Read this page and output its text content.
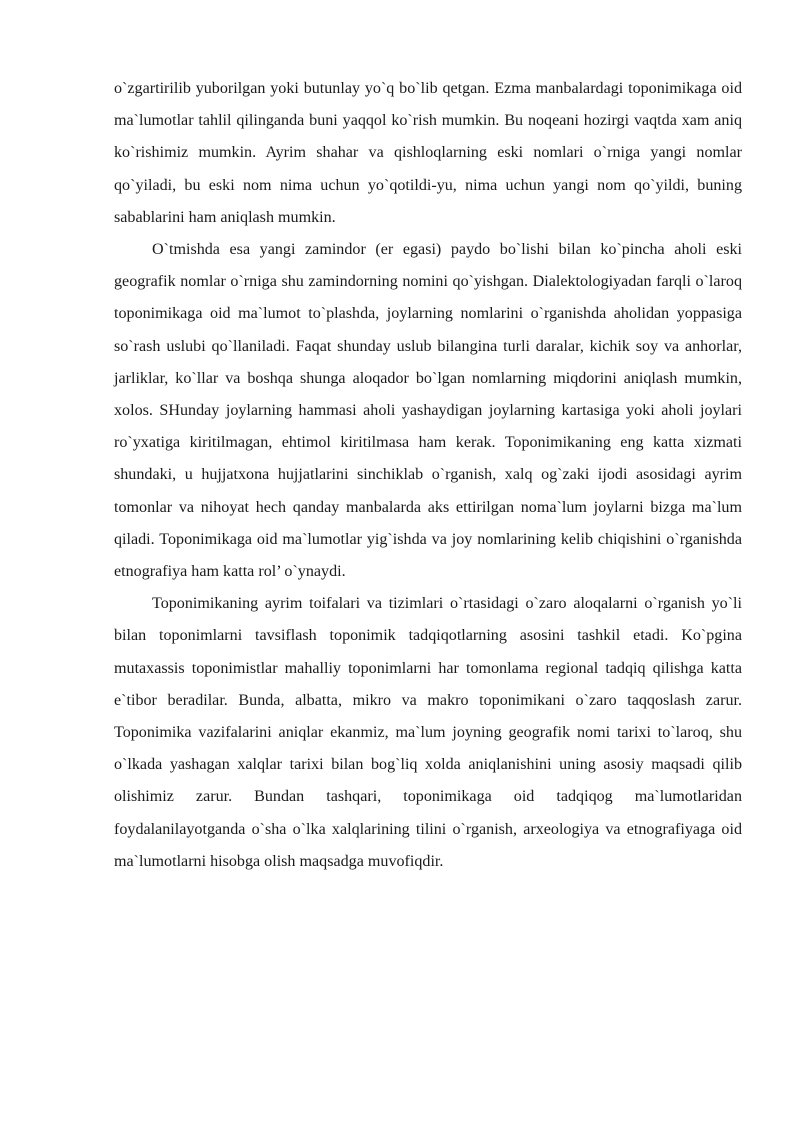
o`zgartirilib yuborilgan yoki butunlay yo`q bo`lib qetgan. Ezma manbalardagi toponimikaga oid ma`lumotlar tahlil qilinganda buni yaqqol ko`rish mumkin. Bu noqeani hozirgi vaqtda xam aniq ko`rishimiz mumkin. Ayrim shahar va qishloqlarning eski nomlari o`rniga yangi nomlar qo`yiladi, bu eski nom nima uchun yo`qotildi-yu, nima uchun yangi nom qo`yildi, buning sabablarini ham aniqlash mumkin.

O`tmishda esa yangi zamindor (er egasi) paydo bo`lishi bilan ko`pincha aholi eski geografik nomlar o`rniga shu zamindorning nomini qo`yishgan. Dialektologiyadan farqli o`laroq toponimikaga oid ma`lumot to`plashda, joylarning nomlarini o`rganishda aholidan yoppasiga so`rash uslubi qo`llaniladi. Faqat shunday uslub bilangina turli daralar, kichik soy va anhorlar, jarliklar, ko`llar va boshqa shunga aloqador bo`lgan nomlarning miqdorini aniqlash mumkin, xolos. SHunday joylarning hammasi aholi yashaydigan joylarning kartasiga yoki aholi joylari ro`yxatiga kiritilmagan, ehtimol kiritilmasa ham kerak. Toponimikaning eng katta xizmati shundaki, u hujjatxona hujjatlarini sinchiklab o`rganish, xalq og`zaki ijodi asosidagi ayrim tomonlar va nihoyat hech qanday manbalarda aks ettirilgan noma`lum joylarni bizga ma`lum qiladi. Toponimikaga oid ma`lumotlar yig`ishda va joy nomlarining kelib chiqishini o`rganishda etnografiya ham katta rol’ o`ynaydi.

Toponimikaning ayrim toifalari va tizimlari o`rtasidagi o`zaro aloqalarni o`rganish yo`li bilan toponimlarni tavsiflash toponimik tadqiqotlarning asosini tashkil etadi. Ko`pgina mutaxassis toponimistlar mahalliy toponimlarni har tomonlama regional tadqiq qilishga katta e`tibor beradilar. Bunda, albatta, mikro va makro toponimikani o`zaro taqqoslash zarur. Toponimika vazifalarini aniqlar ekanmiz, ma`lum joyning geografik nomi tarixi to`laroq, shu o`lkada yashagan xalqlar tarixi bilan bog`liq xolda aniqlanishini uning asosiy maqsadi qilib olishimiz zarur. Bundan tashqari, toponimikaga oid tadqiqog ma`lumotlaridan foydalanilayotganda o`sha o`lka xalqlarining tilini o`rganish, arxeologiya va etnografiyaga oid ma`lumotlarni hisobga olish maqsadga muvofiqdir.
